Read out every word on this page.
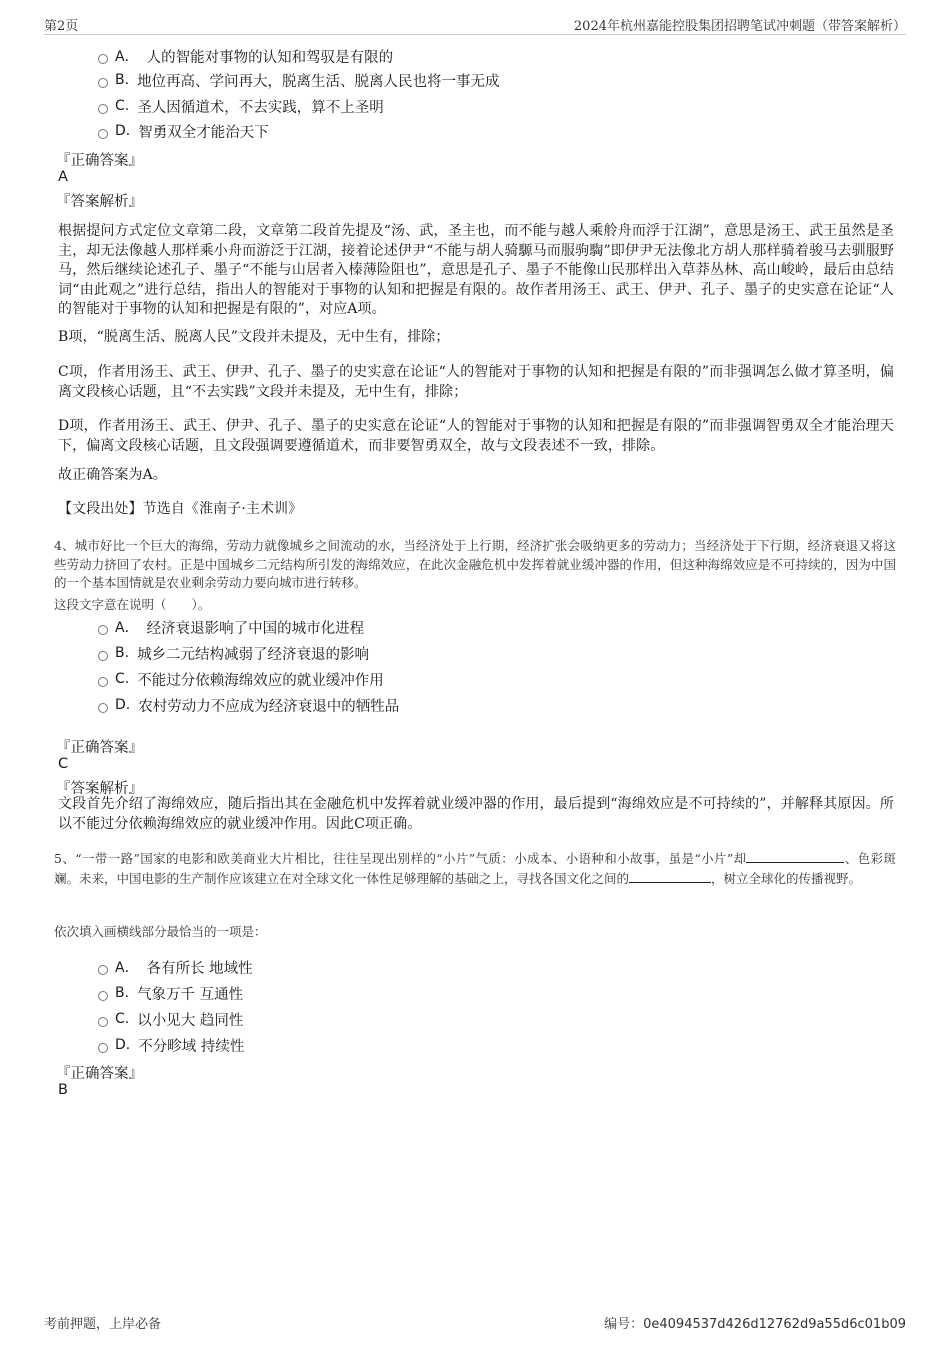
第2页	2024年杭州嘉能控股集团招聘笔试冲刺题（带答案解析）
A． 人的智能对事物的认知和驾驭是有限的
B. 地位再高、学问再大，脱离生活、脱离人民也将一事无成
C. 圣人因循道术，不去实践，算不上圣明
D. 智勇双全才能治天下
『正确答案』
A
『答案解析』
根据提问方式定位文章第二段，文章第二段首先提及“汤、武，圣主也，而不能与越人乘舲舟而浮于江湖”，意思是汤王、武王虽然是圣主，却无法像越人那样乘小舟而游泛于江湖，接着论述伊尹“不能与胡人骑騵马而服驹騊”即伊尹无法像北方胡人那样骑着骏马去驯服野马，然后继续论述孔子、墨子“不能与山居者入榛薄险阻也”，意思是孔子、墨子不能像山民那样出入草莽丛林、高山峻岭，最后由总结词“由此观之”进行总结，指出人的智能对于事物的认知和把握是有限的。故作者用汤王、武王、伊尹、孔子、墨子的史实意在论证“人的智能对于事物的认知和把握是有限的”，对应A项。
B项，“脱离生活、脱离人民”文段并未提及，无中生有，排除；
C项，作者用汤王、武王、伊尹、孔子、墨子的史实意在论证“人的智能对于事物的认知和把握是有限的”而非强调怎么做才算圣明，偏离文段核心话题，且“不去实践”文段并未提及，无中生有，排除；
D项，作者用汤王、武王、伊尹、孔子、墨子的史实意在论证“人的智能对于事物的认知和把握是有限的”而非强调智勇双全才能治理天下，偏离文段核心话题，且文段强调要遵循道术，而非要智勇双全，故与文段表述不一致，排除。
故正确答案为A。
【文段出处】节选自《淮南子·主术训》
4、城市好比一个巨大的海绵，劳动力就像城乡之间流动的水，当经济处于上行期，经济扩张会吸纳更多的劳动力；当经济处于下行期，经济衰退又将这些劳动力挤回了农村。正是中国城乡二元结构所引发的海绵效应，在此次金融危机中发挥着就业缓冲器的作用，但这种海绵效应是不可持续的，因为中国的一个基本国情就是农业剩余劳动力要向城市进行转移。
这段文字意在说明（　　）。
A． 经济衰退影响了中国的城市化进程
B. 城乡二元结构减弱了经济衰退的影响
C. 不能过分依赖海绵效应的就业缓冲作用
D. 农村劳动力不应成为经济衰退中的牺牲品
『正确答案』
C
『答案解析』
文段首先介绍了海绵效应，随后指出其在金融危机中发挥着就业缓冲器的作用，最后提到“海绵效应是不可持续的”，并解释其原因。所以不能过分依赖海绵效应的就业缓冲作用。因此C项正确。
5、“一带一路”国家的电影和欧美商业大片相比，往往呈现出别样的“小片”气质：小成本、小语种和小故事，虽是“小片”却	、色彩斑斓。未来，中国电影的生产制作应该建立在对全球文化一体性足够理解的基础之上，寻找各国文化之间的	，树立全球化的传播视野。
依次填入画横线部分最恰当的一项是：
A． 各有所长 地域性
B. 气象万千 互通性
C. 以小见大 趋同性
D. 不分畛域 持续性
『正确答案』
B
考前押题，上岸必备	编号：0e4094537d426d12762d9a55d6c01b09
